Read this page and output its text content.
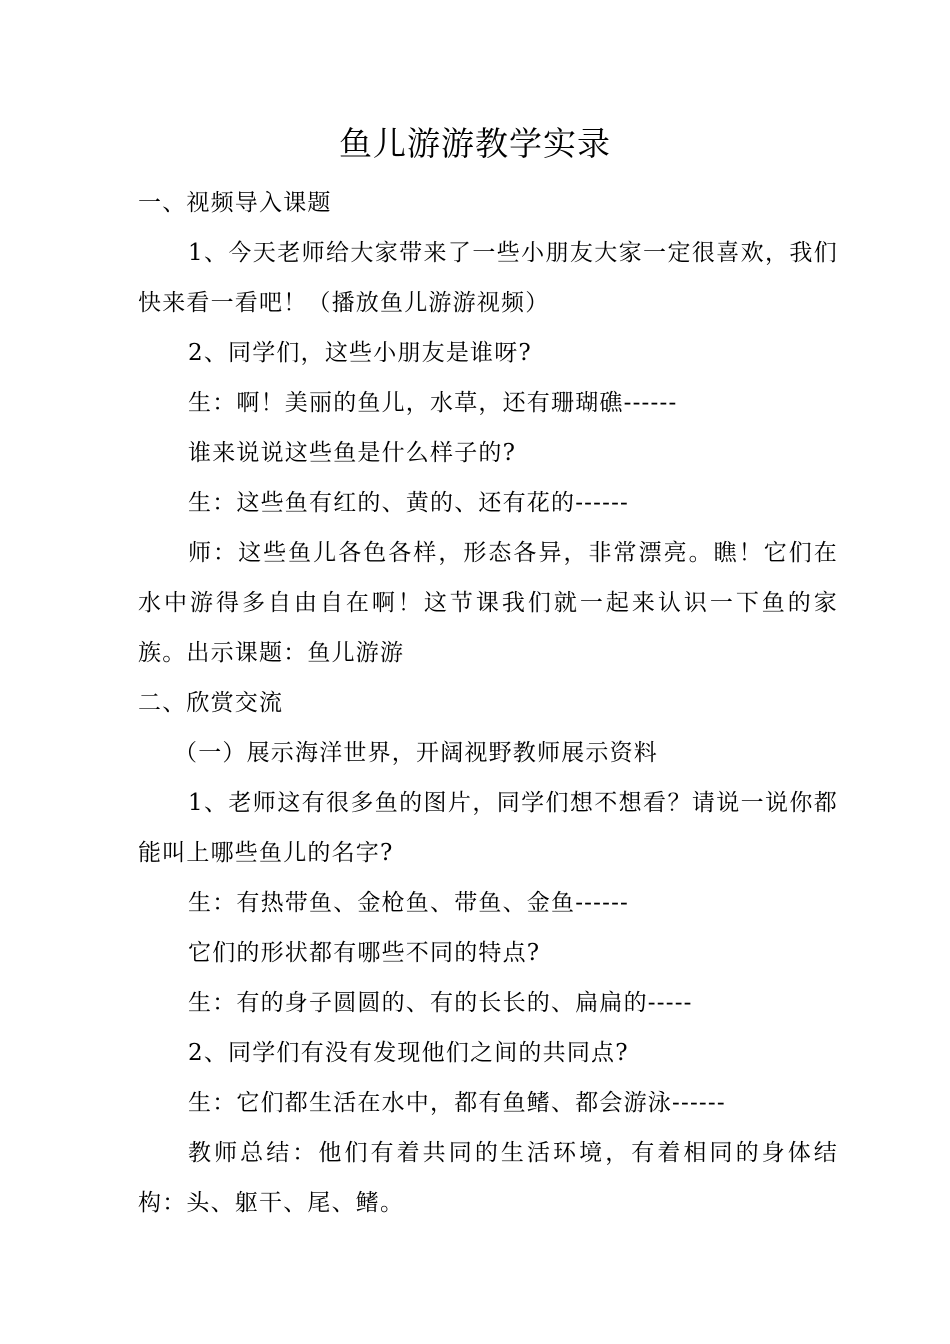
鱼儿游游教学实录

一、视频导入课题

1、今天老师给大家带来了一些小朋友大家一定很喜欢，我们快来看一看吧！（播放鱼儿游游视频）

2、同学们，这些小朋友是谁呀?

生：啊！美丽的鱼儿，水草，还有珊瑚礁------

谁来说说这些鱼是什么样子的?

生：这些鱼有红的、黄的、还有花的------

师：这些鱼儿各色各样，形态各异，非常漂亮。瞧！它们在水中游得多自由自在啊！这节课我们就一起来认识一下鱼的家族。出示课题：鱼儿游游

二、欣赏交流

（一）展示海洋世界，开阔视野教师展示资料

1、老师这有很多鱼的图片，同学们想不想看？请说一说你都能叫上哪些鱼儿的名字?

生：有热带鱼、金枪鱼、带鱼、金鱼------

它们的形状都有哪些不同的特点?

生：有的身子圆圆的、有的长长的、扁扁的-----

2、同学们有没有发现他们之间的共同点?

生：它们都生活在水中，都有鱼鳍、都会游泳------

教师总结：他们有着共同的生活环境，有着相同的身体结构：头、躯干、尾、鳍。
